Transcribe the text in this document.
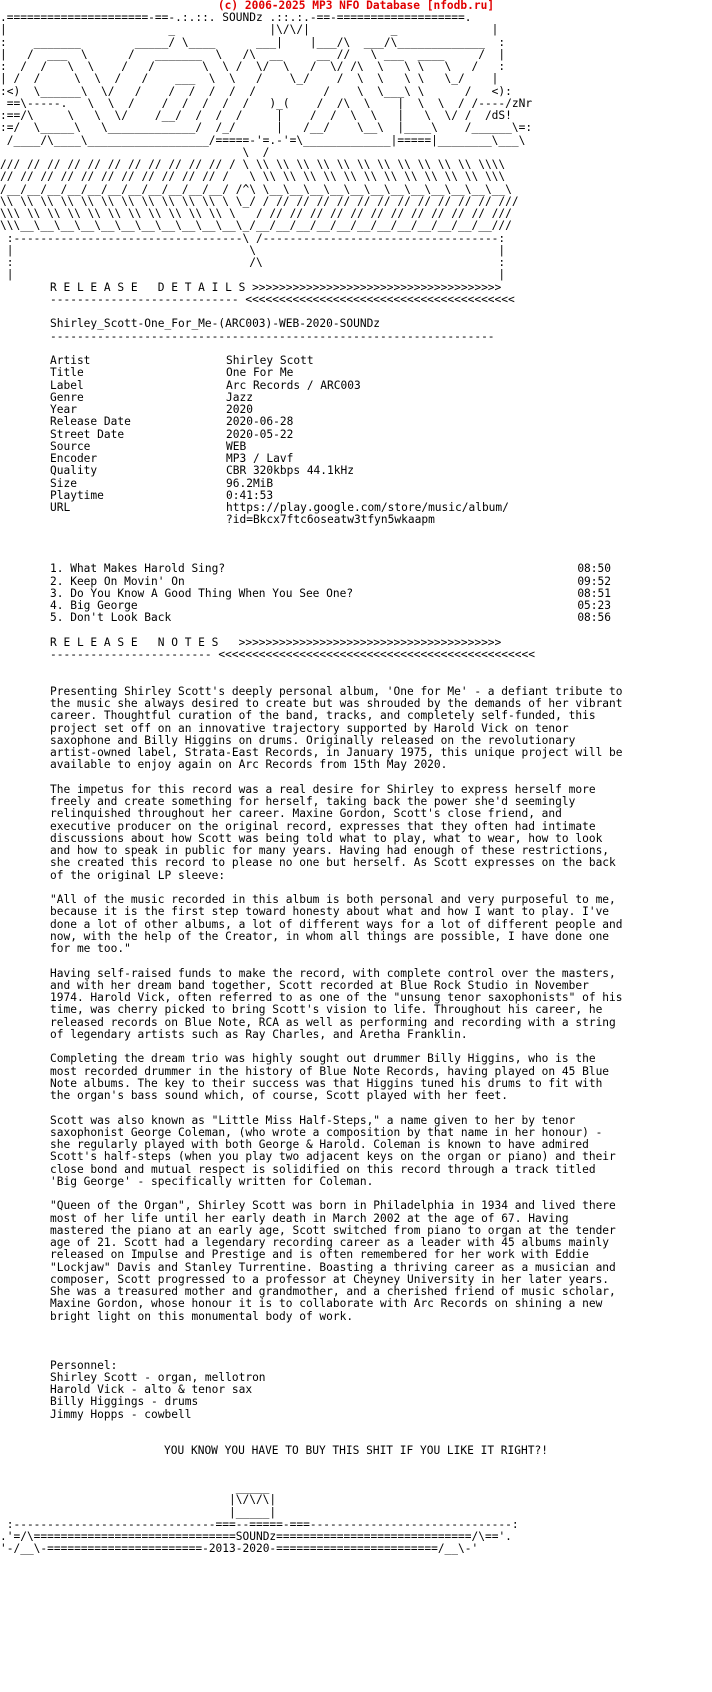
(c) 2006-2025 MP3 NFO Database [nfodb.ru]
.=====================-==-.:.::. SOUNDz .::.:.-==-===================.
|                        _              |\/\/|            _              |
:    _______        _____/ \____      ___|    |___/\  ___/\_____________  :
|   /  ___  \      /   _______  \   /\  __     __ //   \ ___  ____     /  |
:  /  /   \  \    /   /       \  \ /  \/  \   /  \/ /\  \   \ \   \   /   :
| /  /     \  \  /   /    ___  \  \   /    \_/    /  \  \   \ \   \_/    |
:<)  \______\  \/   /    /  /  /  /  /          /    \  \___\ \      /   <):
==\-----.   \  \  /    /  /  /  /  /   )_(    /  /\  \    |  \  \  / /----/zNr
:==/\     \   \  \/    /__/  /  /  /     |    /  /  \  \   |   \  \/ /  /dS!
:=/  \_____\   \_____________/  /_/      |   /__/    \__\  |____\    /______\=:
/____/\____\__________________/=====-'=.-'=\_____________|=====|________\___\
\  /
/// // // // // // // // // // // / \ \\ \\ \\ \\ \\ \\ \\ \\ \\ \\ \\ \\\\
// // // // // // // // // // // /   \ \\ \\ \\ \\ \\ \\ \\ \\ \\ \\ \\ \\\
/__/__/__/__/__/__/__/__/__/__/__/ /^\ \__\__\__\__\__\__\__\__\__\__\__\__\
\\ \\ \\ \\ \\ \\ \\ \\ \\ \\ \\ \ \_/ / // // // // // // // // // // // ///
\\\ \\ \\ \\ \\ \\ \\ \\ \\ \\ \\ \   / // // // // // // // // // // // ///
\\\__\__\__\__\__\__\__\__\__\__\__\_/__/__/__/__/__/__/__/__/__/__/__/__///
:----------------------------------\ /-----------------------------------:
|                                   \                                    |
:                                   /\                                   :
|                                                                        |
R E L E A S E   D E T A I L S >>>>>>>>>>>>>>>>>>>>>>>>>>>>>>>>>>>>>
---------------------------- <<<<<<<<<<<<<<<<<<<<<<<<<<<<<<<<<<<<<<<<

Shirley_Scott-One_For_Me-(ARC003)-WEB-2020-SOUNDz
------------------------------------------------------------------

Artist	Shirley Scott
Title	One For Me
Label	Arc Records / ARC003
Genre	Jazz
Year	2020
Release Date	2020-06-28
Street Date	2020-05-22
Source	WEB
Encoder	MP3 / Lavf
Quality	CBR 320kbps 44.1kHz
Size	96.2MiB
Playtime	0:41:53
URL	https://play.google.com/store/music/album/
?id=Bkcx7ftc6oseatw3tfyn5wkaapm

1. What Makes Harold Sing?	08:50
2. Keep On Movin' On	09:52
3. Do You Know A Good Thing When You See One?	08:51
4. Big George	05:23
5. Don't Look Back	08:56

R E L E A S E   N O T E S   >>>>>>>>>>>>>>>>>>>>>>>>>>>>>>>>>>>>>>>
------------------------ <<<<<<<<<<<<<<<<<<<<<<<<<<<<<<<<<<<<<<<<<<<<<<<

Presenting Shirley Scott's deeply personal album, 'One for Me' - a defiant tribute to the music she always desired to create but was shrouded by the demands of her vibrant career. Thoughtful curation of the band, tracks, and completely self-funded, this project set off on an innovative trajectory supported by Harold Vick on tenor saxophone and Billy Higgins on drums. Originally released on the revolutionary artist-owned label, Strata-East Records, in January 1975, this unique project will be available to enjoy again on Arc Records from 15th May 2020.

The impetus for this record was a real desire for Shirley to express herself more freely and create something for herself, taking back the power she'd seemingly relinquished throughout her career. Maxine Gordon, Scott's close friend, and executive producer on the original record, expresses that they often had intimate discussions about how Scott was being told what to play, what to wear, how to look and how to speak in public for many years. Having had enough of these restrictions, she created this record to please no one but herself. As Scott expresses on the back of the original LP sleeve:

"All of the music recorded in this album is both personal and very purposeful to me, because it is the first step toward honesty about what and how I want to play. I've done a lot of other albums, a lot of different ways for a lot of different people and now, with the help of the Creator, in whom all things are possible, I have done one for me too."

Having self-raised funds to make the record, with complete control over the masters, and with her dream band together, Scott recorded at Blue Rock Studio in November 1974. Harold Vick, often referred to as one of the "unsung tenor saxophonists" of his time, was cherry picked to bring Scott's vision to life. Throughout his career, he released records on Blue Note, RCA as well as performing and recording with a string of legendary artists such as Ray Charles, and Aretha Franklin.

Completing the dream trio was highly sought out drummer Billy Higgins, who is the most recorded drummer in the history of Blue Note Records, having played on 45 Blue Note albums. The key to their success was that Higgins tuned his drums to fit with the organ's bass sound which, of course, Scott played with her feet.

Scott was also known as "Little Miss Half-Steps," a name given to her by tenor saxophonist George Coleman, (who wrote a composition by that name in her honour) - she regularly played with both George & Harold. Coleman is known to have admired Scott's half-steps (when you play two adjacent keys on the organ or piano) and their close bond and mutual respect is solidified on this record through a track titled 'Big George' - specifically written for Coleman.

"Queen of the Organ", Shirley Scott was born in Philadelphia in 1934 and lived there most of her life until her early death in March 2002 at the age of 67. Having mastered the piano at an early age, Scott switched from piano to organ at the tender age of 21. Scott had a legendary recording career as a leader with 45 albums mainly released on Impulse and Prestige and is often remembered for her work with Eddie "Lockjaw" Davis and Stanley Turrentine. Boasting a thriving career as a musician and composer, Scott progressed to a professor at Cheyney University in her later years. She was a treasured mother and grandmother, and a cherished friend of music scholar, Maxine Gordon, whose honour it is to collaborate with Arc Records on shining a new bright light on this monumental body of work.

Personnel:
Shirley Scott - organ, mellotron
Harold Vick - alto & tenor sax
Billy Higgings - drums
Jimmy Hopps - cowbell

YOU KNOW YOU HAVE TO BUY THIS SHIT IF YOU LIKE IT RIGHT?!

_____
|\/\/\|
|_____|
:------------------------------===--=====-===------------------------------:
.'=/\==============================SOUNDz=============================/\=='.
'-/__\-=======================-2013-2020-========================/__\-'
